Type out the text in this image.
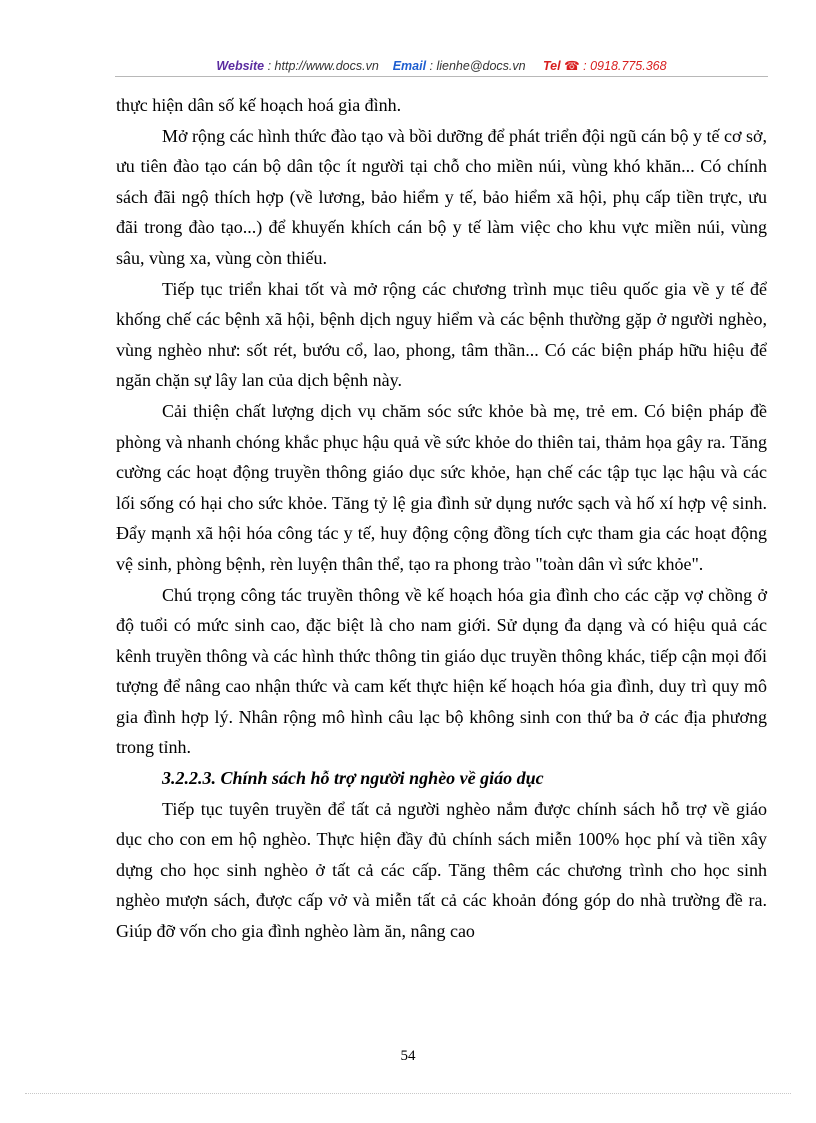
Website : http://www.docs.vn Email : lienhe@docs.vn Tel ☎ : 0918.775.368

thực hiện dân số kế hoạch hoá gia đình.

Mở rộng các hình thức đào tạo và bồi dưỡng để phát triển đội ngũ cán bộ y tế cơ sở, ưu tiên đào tạo cán bộ dân tộc ít người tại chỗ cho miền núi, vùng khó khăn... Có chính sách đãi ngộ thích hợp (về lương, bảo hiểm y tế, bảo hiểm xã hội, phụ cấp tiền trực, ưu đãi trong đào tạo...) để khuyến khích cán bộ y tế làm việc cho khu vực miền núi, vùng sâu, vùng xa, vùng còn thiếu.

Tiếp tục triển khai tốt và mở rộng các chương trình mục tiêu quốc gia về y tế để khống chế các bệnh xã hội, bệnh dịch nguy hiểm và các bệnh thường gặp ở người nghèo, vùng nghèo như: sốt rét, bướu cổ, lao, phong, tâm thần... Có các biện pháp hữu hiệu để ngăn chặn sự lây lan của dịch bệnh này.

Cải thiện chất lượng dịch vụ chăm sóc sức khỏe bà mẹ, trẻ em. Có biện pháp đề phòng và nhanh chóng khắc phục hậu quả về sức khỏe do thiên tai, thảm họa gây ra. Tăng cường các hoạt động truyền thông giáo dục sức khỏe, hạn chế các tập tục lạc hậu và các lối sống có hại cho sức khỏe. Tăng tỷ lệ gia đình sử dụng nước sạch và hố xí hợp vệ sinh. Đẩy mạnh xã hội hóa công tác y tế, huy động cộng đồng tích cực tham gia các hoạt động vệ sinh, phòng bệnh, rèn luyện thân thể, tạo ra phong trào "toàn dân vì sức khỏe".

Chú trọng công tác truyền thông về kế hoạch hóa gia đình cho các cặp vợ chồng ở độ tuổi có mức sinh cao, đặc biệt là cho nam giới. Sử dụng đa dạng và có hiệu quả các kênh truyền thông và các hình thức thông tin giáo dục truyền thông khác, tiếp cận mọi đối tượng để nâng cao nhận thức và cam kết thực hiện kế hoạch hóa gia đình, duy trì quy mô gia đình hợp lý. Nhân rộng mô hình câu lạc bộ không sinh con thứ ba ở các địa phương trong tỉnh.

3.2.2.3. Chính sách hỗ trợ người nghèo về giáo dục

Tiếp tục tuyên truyền để tất cả người nghèo nắm được chính sách hỗ trợ về giáo dục cho con em hộ nghèo. Thực hiện đầy đủ chính sách miễn 100% học phí và tiền xây dựng cho học sinh nghèo ở tất cả các cấp. Tăng thêm các chương trình cho học sinh nghèo mượn sách, được cấp vở và miễn tất cả các khoản đóng góp do nhà trường đề ra. Giúp đỡ vốn cho gia đình nghèo làm ăn, nâng cao

54
